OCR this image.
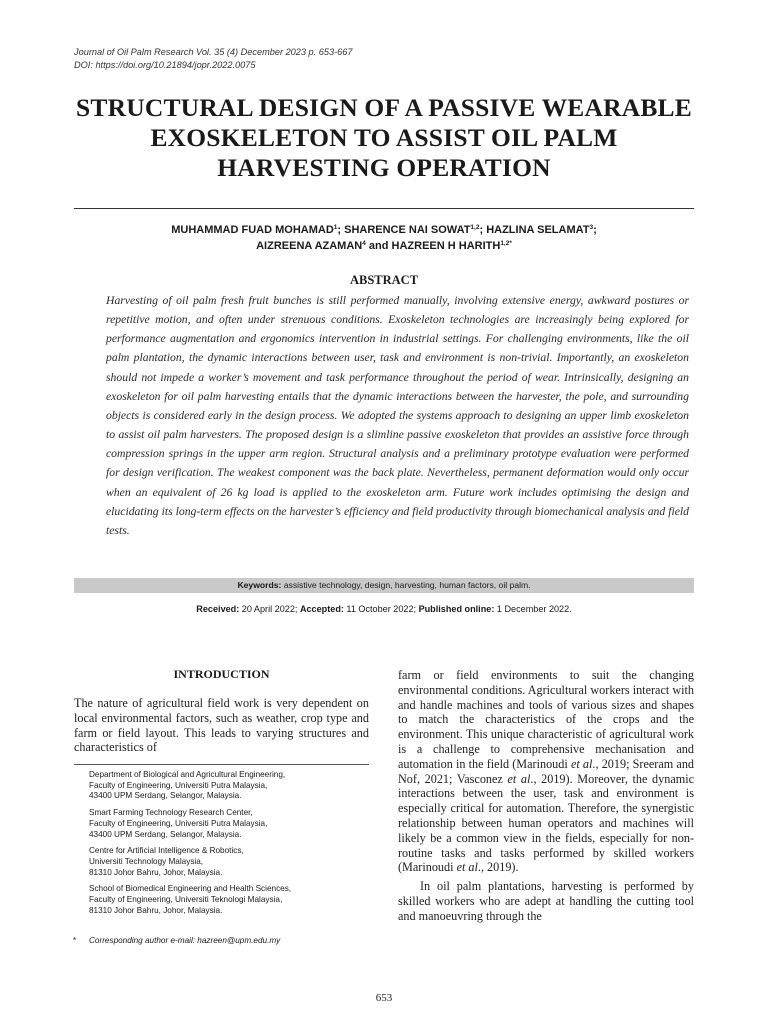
Journal of Oil Palm Research Vol. 35 (4) December 2023 p. 653-667
DOI: https://doi.org/10.21894/jopr.2022.0075
STRUCTURAL DESIGN OF A PASSIVE WEARABLE EXOSKELETON TO ASSIST OIL PALM HARVESTING OPERATION
MUHAMMAD FUAD MOHAMAD$^1$; SHARENCE NAI SOWAT$^{1,2}$; HAZLINA SELAMAT$^3$;
AIZREENA AZAMAN$^4$ and HAZREEN H $HARITH^{1,2*}$
ABSTRACT

Harvesting of oil palm fresh fruit bunches is still performed manually, involving extensive energy, awkward postures or repetitive motion, and often under strenuous conditions. Exoskeleton technologies are increasingly being explored for performance augmentation and ergonomics intervention in industrial settings. For challenging environments, like the oil palm plantation, the dynamic interactions between user, task and environment is non-trivial. Importantly, an exoskeleton should not impede a worker’s movement and task performance throughout the period of wear. Intrinsically, designing an exoskeleton for oil palm harvesting entails that the dynamic interactions between the harvester, the pole, and surrounding objects is considered early in the design process. We adopted the systems approach to designing an upper limb exoskeleton to assist oil palm harvesters. The proposed design is a slimline passive exoskeleton that provides an assistive force through compression springs in the upper arm region. Structural analysis and a preliminary prototype evaluation were performed for design verification. The weakest component was the back plate. Nevertheless, permanent deformation would only occur when an equivalent of 26 kg load is applied to the exoskeleton arm. Future work includes optimising the design and elucidating its long-term effects on the harvester’s efficiency and field productivity through biomechanical analysis and field tests.

Keywords: assistive technology, design, harvesting, human factors, oil palm.
Received: 20 April 2022; Accepted: 11 October 2022; Published online: 1 December 2022.
INTRODUCTION

The nature of agricultural field work is very dependent on local environmental factors, such as weather, crop type and farm or field layout. This leads to varying structures and characteristics of

Department of Biological and Agricultural Engineering,
Faculty of Engineering, Universiti Putra Malaysia,
43400 UPM Serdang, Selangor, Malaysia.
Smart Farming Technology Research Center,
Faculty of Engineering, Universiti Putra Malaysia,
43400 UPM Serdang, Selangor, Malaysia.
Centre for Artificial Intelligence & Robotics,
Universiti Technology Malaysia,
81310 Johor Bahru, Johor, Malaysia.
School of Biomedical Engineering and Health Sciences,
Faculty of Engineering, Universiti Teknologi Malaysia,
81310 Johor Bahru, Johor, Malaysia.
* Corresponding author e-mail: hazreen@upm.edu.my

farm or field environments to suit the changing environmental conditions. Agricultural workers interact with and handle machines and tools of various sizes and shapes to match the characteristics of the crops and the environment. This unique characteristic of agricultural work is a challenge to comprehensive mechanisation and automation in the field (Marinoudi et al., 2019; Sreeram and Nof, 2021; Vasconez et al., 2019). Moreover, the dynamic interactions between the user, task and environment is especially critical for automation. Therefore, the synergistic relationship between human operators and machines will likely be a common view in the fields, especially for non-routine tasks and tasks performed by skilled workers (Marinoudi et al., 2019).

In oil palm plantations, harvesting is performed by skilled workers who are adept at handling the cutting tool and manoeuvring through the

653
